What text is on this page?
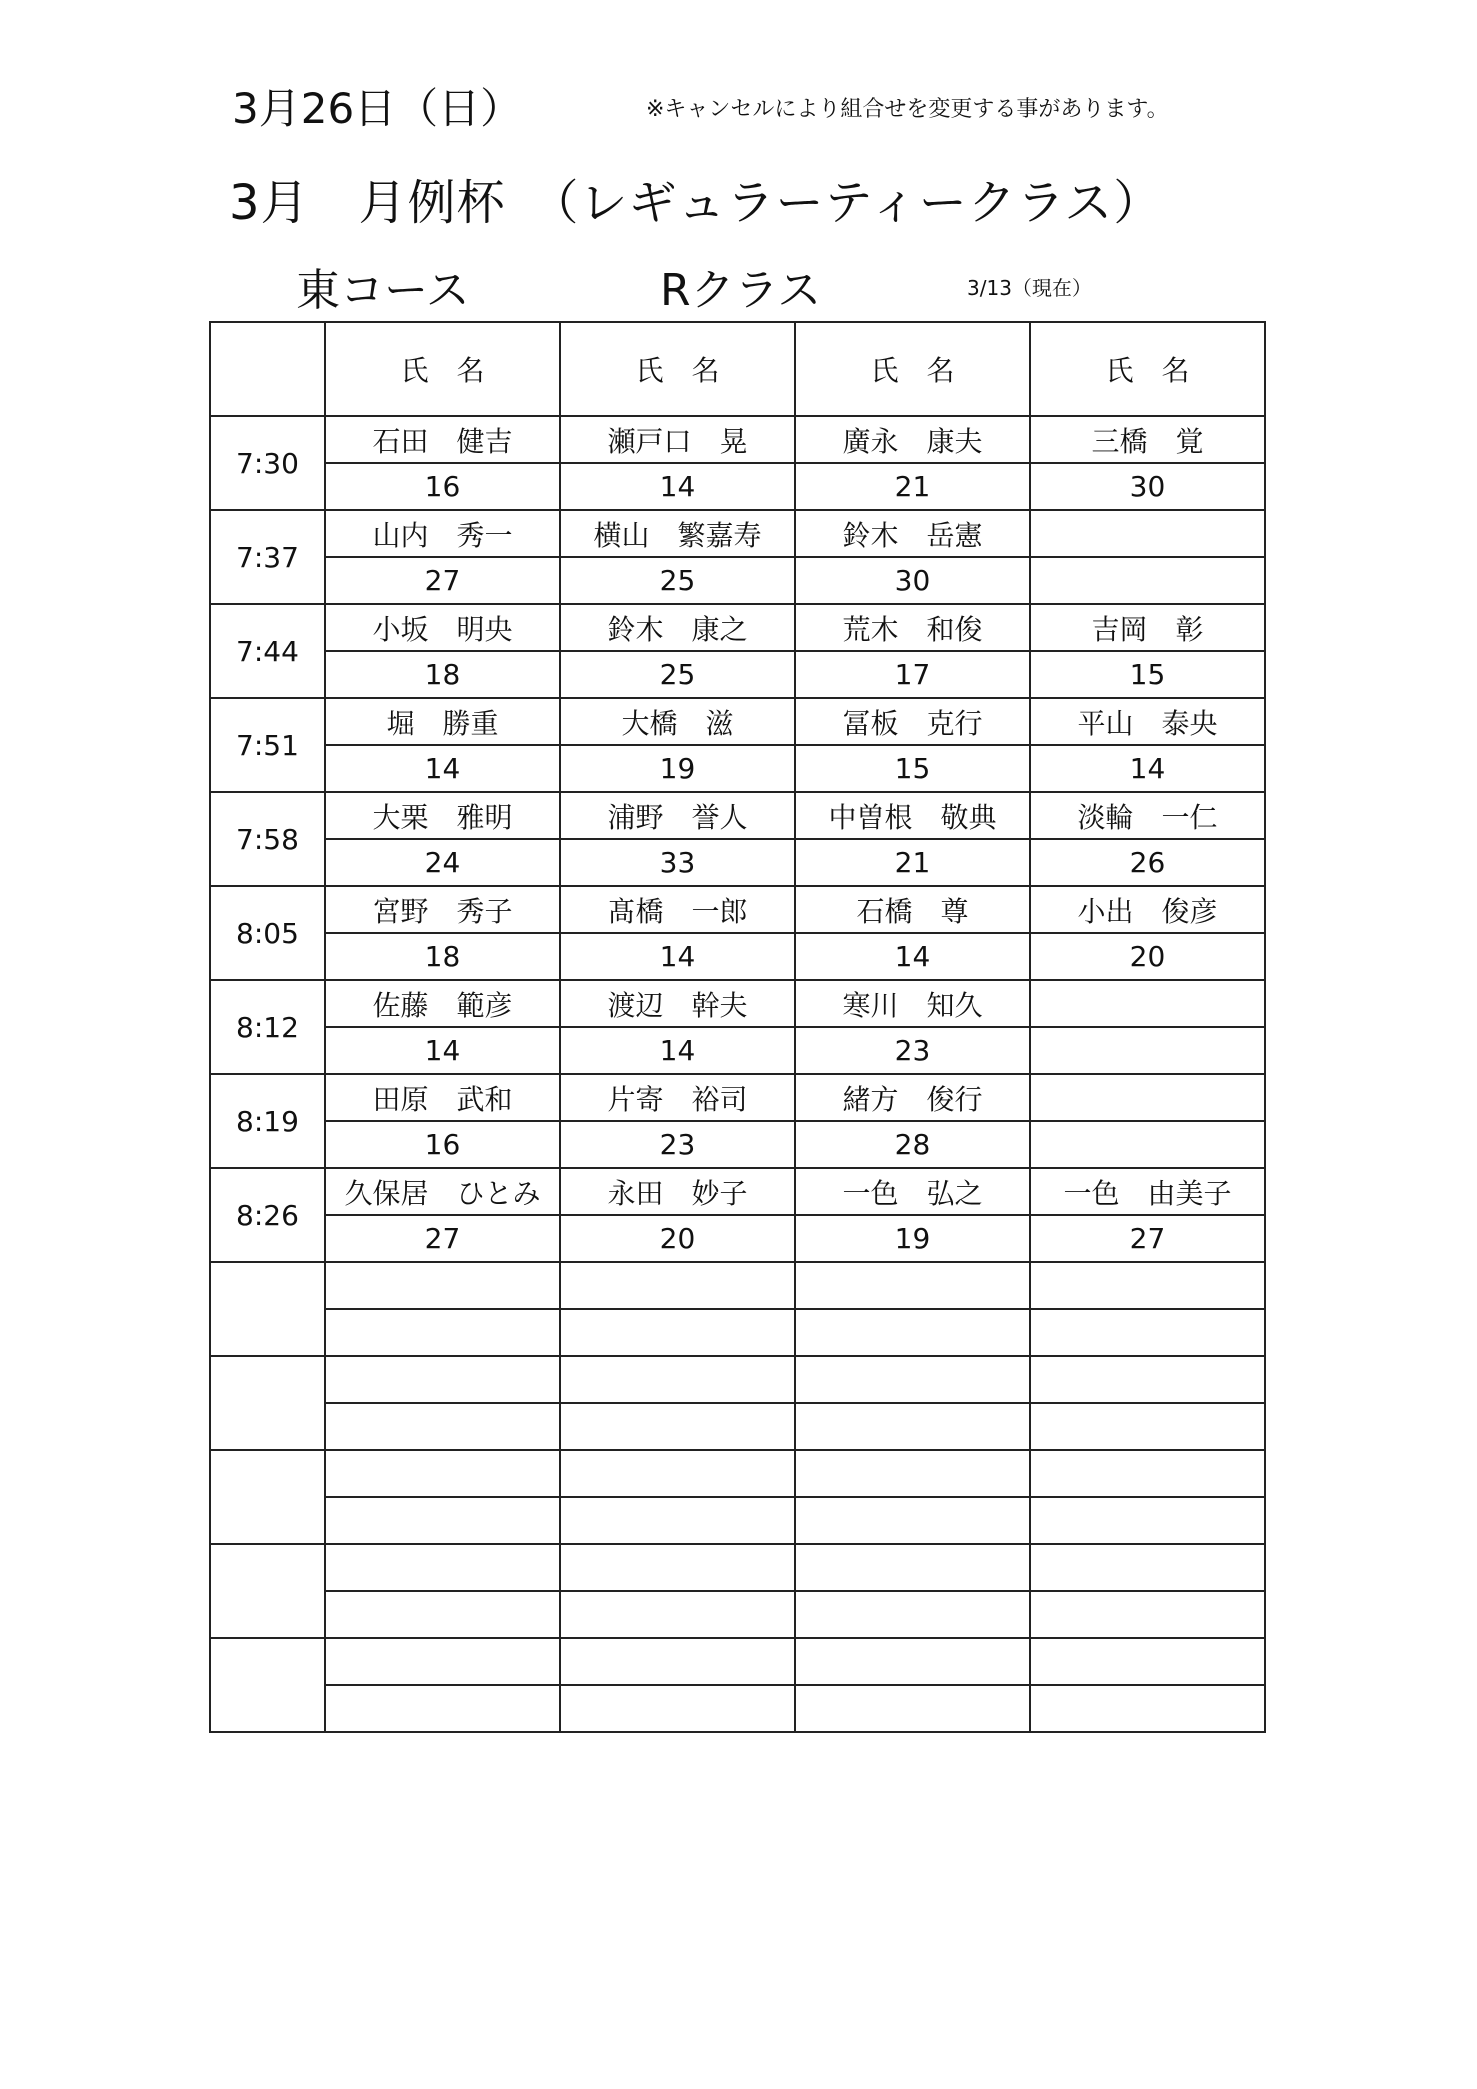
3月26日（日）	※キャンセルにより組合せを変更する事があります。
3月　月例杯　（レギュラーティークラス）
東コース	Rクラス	3/13（現在）
	氏　名	氏　名	氏　名	氏　名
7:30	石田　健吉	瀬戸口　晃	廣永　康夫	三橋　覚
	16	14	21	30
7:37	山内　秀一	横山　繁嘉寿	鈴木　岳憲	
	27	25	30	
7:44	小坂　明央	鈴木　康之	荒木　和俊	吉岡　彰
	18	25	17	15
7:51	堀　勝重	大橋　滋	冨板　克行	平山　泰央
	14	19	15	14
7:58	大栗　雅明	浦野　誉人	中曽根　敬典	淡輪　一仁
	24	33	21	26
8:05	宮野　秀子	髙橋　一郎	石橋　尊	小出　俊彦
	18	14	14	20
8:12	佐藤　範彦	渡辺　幹夫	寒川　知久	
	14	14	23	
8:19	田原　武和	片寄　裕司	緒方　俊行	
	16	23	28	
8:26	久保居　ひとみ	永田　妙子	一色　弘之	一色　由美子
	27	20	19	27
